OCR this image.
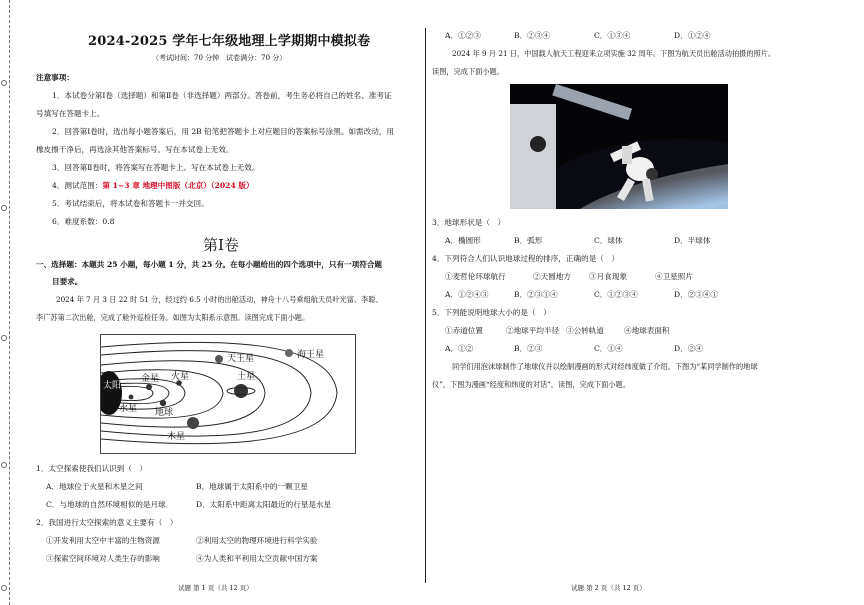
2024-2025 学年七年级地理上学期期中模拟卷
（考试时间：70 分钟　试卷满分：70 分）
注意事项：
1．本试卷分第Ⅰ卷（选择题）和第Ⅱ卷（非选择题）两部分。答卷前，考生务必将自己的姓名、准考证
号填写在答题卡上。
2．回答第Ⅰ卷时，选出每小题答案后，用 2B 铅笔把答题卡上对应题目的答案标号涂黑。如需改动，用
橡皮擦干净后，再选涂其他答案标号。写在本试卷上无效。
3．回答第Ⅱ卷时，将答案写在答题卡上。写在本试卷上无效。
4．测试范围：第 1~3 章 地理中图版（北京）（2024 版）
5．考试结束后，将本试卷和答题卡一并交回。
6．难度系数：0.8
第Ⅰ卷
一、选择题：本题共 25 小题，每小题 1 分，共 25 分。在每小题给出的四个选项中，只有一项符合题
目要求。
2024 年 7 月 3 日 22 时 51 分，经过约 6.5 小时的出舱活动，神舟十八号乘组航天员叶光富、李聪、
李广苏第二次出舱，完成了舱外巡检任务。如图为太阳系示意图。读图完成下面小题。
太阳
水星
金星
地球
火星
木星
土星
天王星	海王星
1．太空探索使我们认识到（　）
A．地球位于火星和木星之间	B．地球属于太阳系中的一颗卫星
C．与地球的自然环境相似的是月球	D．太阳系中距离太阳最近的行星是水星
2．我国进行太空探索的意义主要有（　）
①开发利用太空中丰富的生物资源	②利用太空的物理环境进行科学实验
③探索空间环境对人类生存的影响	④为人类和平利用太空贡献中国方案
试题 第 1 页（共 12 页）
A．①②③	B．②③④	C．①③④	D．①②④
2024 年 9 月 21 日，中国载人航天工程迎来立项实施 32 周年。下图为航天员出舱活动拍摄的照片。
读图，完成下面小题。
3．地球形状是（　）
A．椭圆形	B．弧形	C．球体	D．半球体
4．下列符合人们认识地球过程的排序，正确的是（　）
①麦哲伦环球航行	②天圆地方 ③月食现象	④卫星照片
A．①②④③	B．②③①④	C．①②③④	D．②③④①
5．下列能说明地球大小的是（　）
①赤道位置	②地球平均半径 ③公转轨道	④地球表面积
A．①②	B．②③	C．①④	D．②④
同学们用泡沫球制作了地球仪并以绘制漫画的形式对经纬度做了介绍。下图为“某同学制作的地球
仪”，下图为漫画“经度和纬度的对话”。读图，完成下面小题。
试题 第 2 页（共 12 页）
